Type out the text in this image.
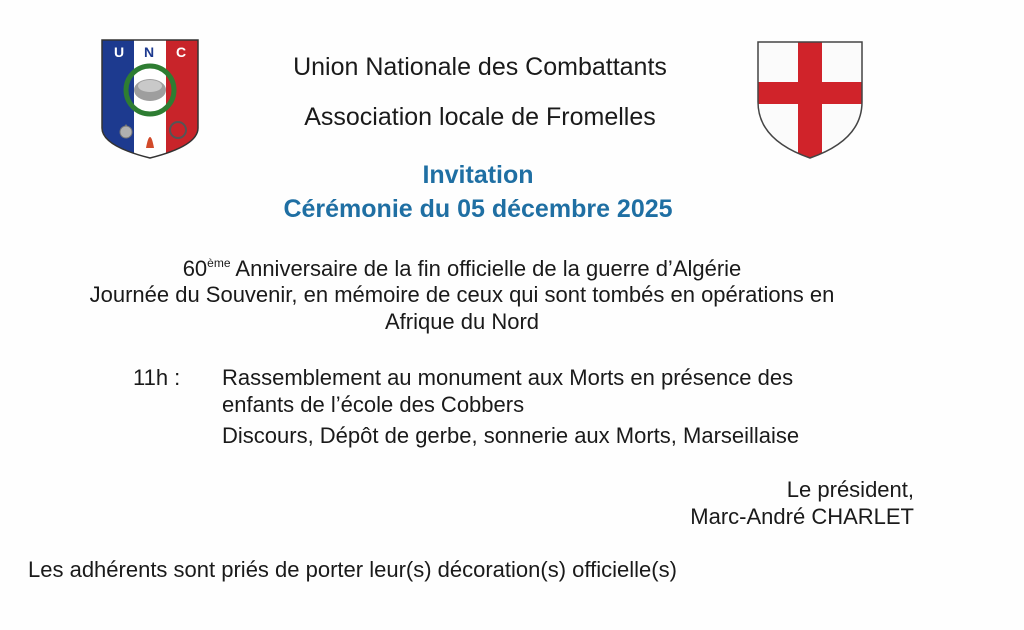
U N C
Union Nationale des Combattants
Association locale de Fromelles
Invitation
Cérémonie du 05 décembre 2025
60ème Anniversaire de la fin officielle de la guerre d’Algérie
Journée du Souvenir, en mémoire de ceux qui sont tombés en opérations en
Afrique du Nord
11h : Rassemblement au monument aux Morts en présence des
enfants de l’école des Cobbers
Discours, Dépôt de gerbe, sonnerie aux Morts, Marseillaise
Le président,
Marc-André CHARLET
Les adhérents sont priés de porter leur(s) décoration(s) officielle(s)
